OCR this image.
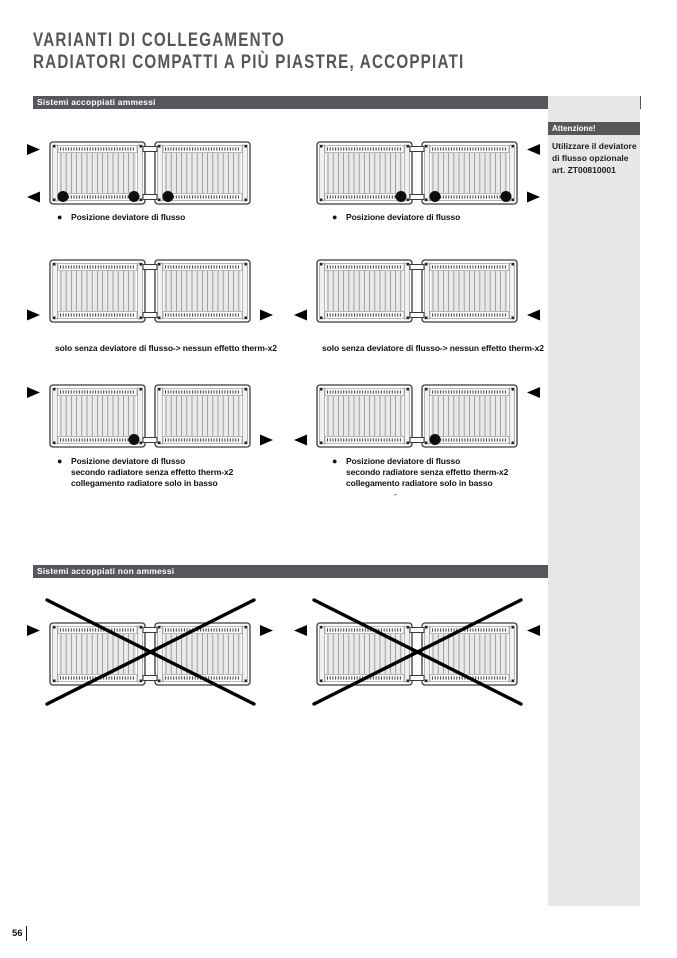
VARIANTI DI COLLEGAMENTO
RADIATORI COMPATTI A PIÙ PIASTRE, ACCOPPIATI
Sistemi accoppiati ammessi
Attenzione!
Utilizzare il deviatore
di flusso opzionale
art. ZT00810001
● Posizione deviatore di flusso	● Posizione deviatore di flusso
solo senza deviatore di flusso-> nessun effetto therm-x2	solo senza deviatore di flusso-> nessun effetto therm-x2
● Posizione deviatore di flusso
secondo radiatore senza effetto therm-x2
collegamento radiatore solo in basso
● Posizione deviatore di flusso
secondo radiatore senza effetto therm-x2
collegamento radiatore solo in basso
-
Sistemi accoppiati non ammessi
56
